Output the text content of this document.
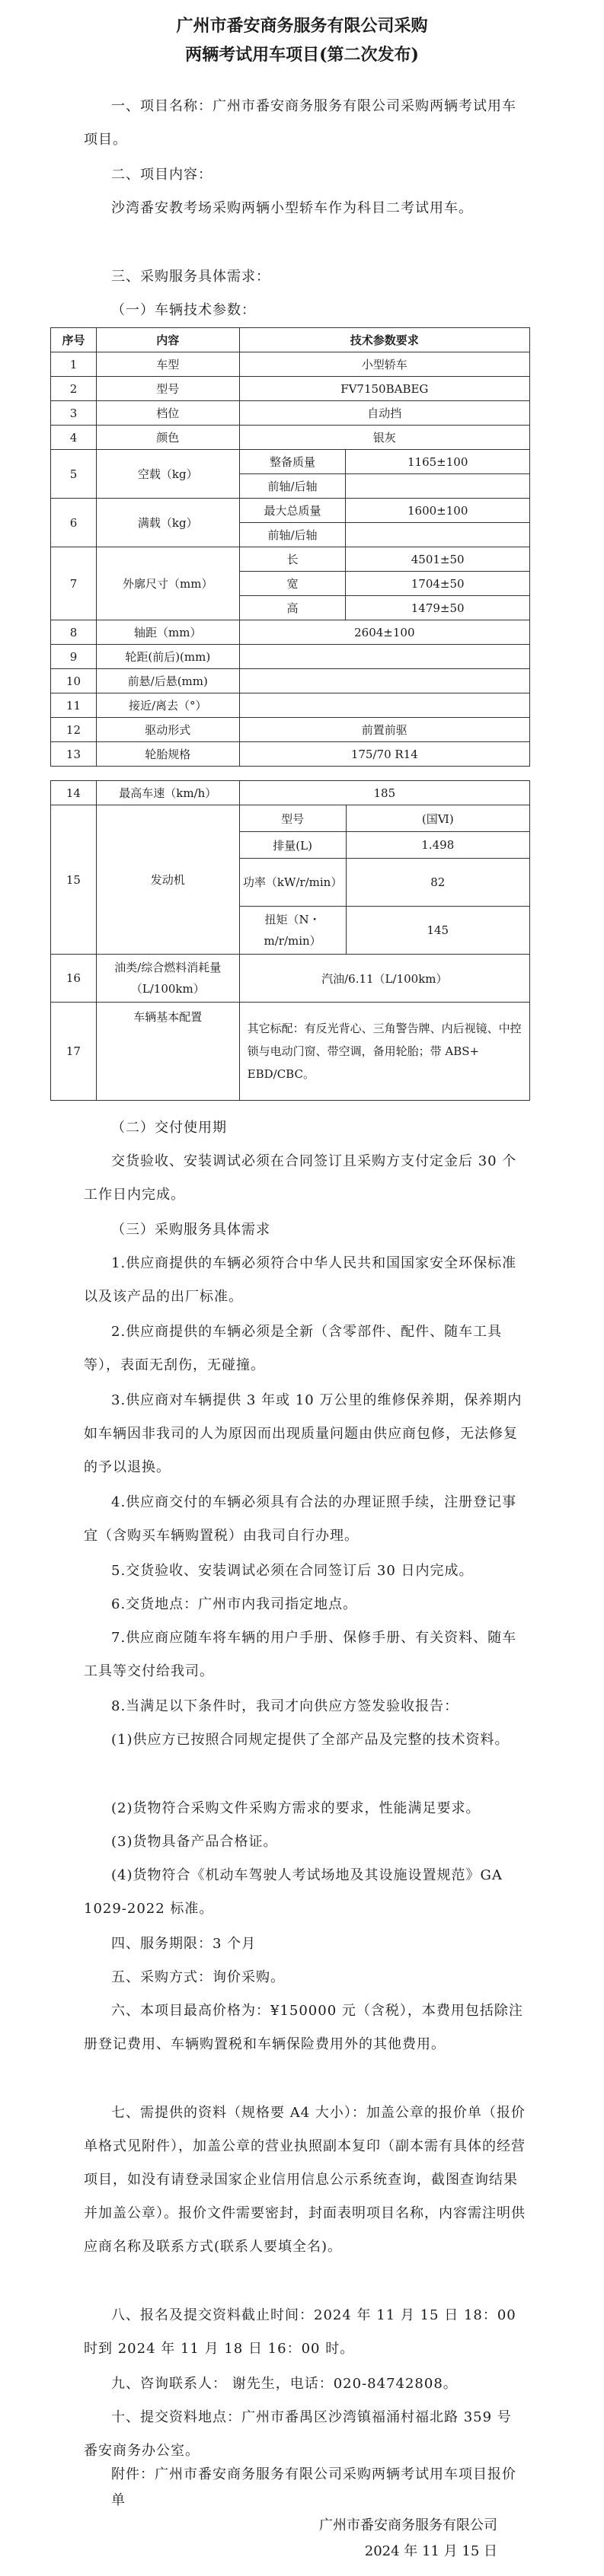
广州市番安商务服务有限公司采购
两辆考试用车项目(第二次发布)

一、项目名称：广州市番安商务服务有限公司采购两辆考试用车项目。

二、项目内容：

沙湾番安教考场采购两辆小型轿车作为科目二考试用车。

三、采购服务具体需求：

（一）车辆技术参数：

序号	内容	技术参数要求	
1	车型	小型轿车	
2	型号	FV7150BABEG	
3	档位	自动挡	
4	颜色	银灰	
5	空载（kg）	整备质量	1165±100
		前轴/后轴	
6	满载（kg）	最大总质量	1600±100
		前轴/后轴	
7	外廓尺寸（mm）	长	4501±50
		宽	1704±50
		高	1479±50
8	轴距（mm）	2604±100	
9	轮距(前后)(mm)		
10	前悬/后悬(mm)		
11	接近/离去（°）		
12	驱动形式	前置前驱	
13	轮胎规格	175/70 R14	
14	最高车速（km/h）	185	
15	发动机	型号	(国Ⅵ)
		排量(L)	1.498
		功率（kW/r/min）	82
		扭矩（N・m/r/min）	145
16	油类/综合燃料消耗量（L/100km）	汽油/6.11（L/100km）	
17	车辆基本配置	其它标配：有反光背心、三角警告牌、内后视镜、中控锁与电动门窗、带空调，备用轮胎；带 ABS+ EBD/CBC。	

（二）交付使用期

交货验收、安装调试必须在合同签订且采购方支付定金后 30 个工作日内完成。

（三）采购服务具体需求

1.供应商提供的车辆必须符合中华人民共和国国家安全环保标准以及该产品的出厂标准。

2.供应商提供的车辆必须是全新（含零部件、配件、随车工具等），表面无刮伤，无碰撞。

3.供应商对车辆提供 3 年或 10 万公里的维修保养期，保养期内如车辆因非我司的人为原因而出现质量问题由供应商包修，无法修复的予以退换。

4.供应商交付的车辆必须具有合法的办理证照手续，注册登记事宜（含购买车辆购置税）由我司自行办理。

5.交货验收、安装调试必须在合同签订后 30 日内完成。

6.交货地点：广州市内我司指定地点。

7.供应商应随车将车辆的用户手册、保修手册、有关资料、随车工具等交付给我司。

8.当满足以下条件时，我司才向供应方签发验收报告：

(1)供应方已按照合同规定提供了全部产品及完整的技术资料。

(2)货物符合采购文件采购方需求的要求，性能满足要求。

(3)货物具备产品合格证。

(4)货物符合《机动车驾驶人考试场地及其设施设置规范》GA 1029-2022 标准。

四、服务期限：3 个月

五、采购方式：询价采购。

六、本项目最高价格为：¥150000 元（含税），本费用包括除注册登记费用、车辆购置税和车辆保险费用外的其他费用。

七、需提供的资料（规格要 A4 大小）：加盖公章的报价单（报价单格式见附件），加盖公章的营业执照副本复印（副本需有具体的经营项目，如没有请登录国家企业信用信息公示系统查询，截图查询结果并加盖公章）。报价文件需要密封，封面表明项目名称，内容需注明供应商名称及联系方式(联系人要填全名)。

八、报名及提交资料截止时间：2024 年 11 月 15 日 18：00 时到 2024 年 11 月 18 日 16：00 时。

九、咨询联系人： 谢先生，电话：020-84742808。

十、提交资料地点：广州市番禺区沙湾镇福涌村福北路 359 号番安商务办公室。

附件：广州市番安商务服务有限公司采购两辆考试用车项目报价单

广州市番安商务服务有限公司
2024 年 11 月 15 日
